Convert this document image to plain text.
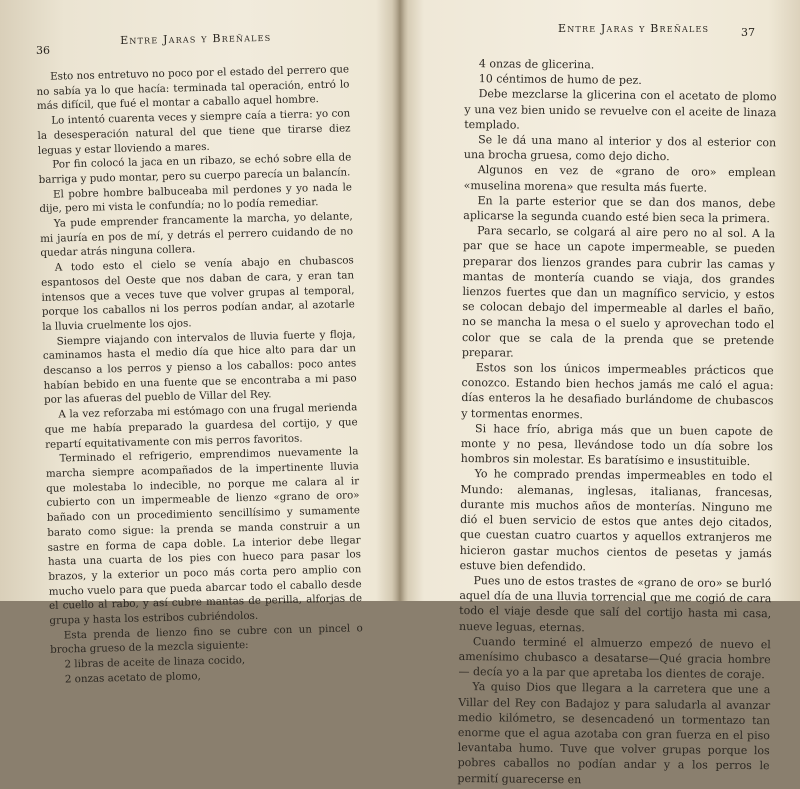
36
Entre Jaras y Breñales

Esto nos entretuvo no poco por el estado del perrero que no sabía ya lo que hacía: terminada tal operación, entró lo más difícil, que fué el montar a caballo aquel hombre.

Lo intentó cuarenta veces y siempre caía a tierra: yo con la desesperación natural del que tiene que tirarse diez leguas y estar lloviendo a mares.

Por fin colocó la jaca en un ribazo, se echó sobre ella de barriga y pudo montar, pero su cuerpo parecía un balancín.

El pobre hombre balbuceaba mil perdones y yo nada le dije, pero mi vista le confundía; no lo podía remediar.

Ya pude emprender francamente la marcha, yo delante, mi jauría en pos de mí, y detrás el perrero cuidando de no quedar atrás ninguna collera.

A todo esto el cielo se venía abajo en chubascos espantosos del Oeste que nos daban de cara, y eran tan intensos que a veces tuve que volver grupas al temporal, porque los caballos ni los perros podían andar, al azotarle la lluvia cruelmente los ojos.

Siempre viajando con intervalos de lluvia fuerte y floja, caminamos hasta el medio día que hice alto para dar un descanso a los perros y pienso a los caballos: poco antes habían bebido en una fuente que se encontraba a mi paso por las afueras del pueblo de Villar del Rey.

A la vez reforzaba mi estómago con una frugal merienda que me había preparado la guardesa del cortijo, y que repartí equitativamente con mis perros favoritos.

Terminado el refrigerio, emprendimos nuevamente la marcha siempre acompañados de la impertinente lluvia que molestaba lo indecible, no porque me calara al ir cubierto con un impermeable de lienzo «grano de oro» bañado con un procedimiento sencillísimo y sumamente barato como sigue: la prenda se manda construir a un sastre en forma de capa doble. La interior debe llegar hasta una cuarta de los pies con hueco para pasar los brazos, y la exterior un poco más corta pero amplio con mucho vuelo para que pueda abarcar todo el caballo desde el cuello al rabo, y así cubre mantas de perilla, alforjas de grupa y hasta los estribos cubriéndolos.

Esta prenda de lienzo fino se cubre con un pincel o brocha grueso de la mezcla siguiente:

2 libras de aceite de linaza cocido,

2 onzas acetato de plomo,

Entre Jaras y Breñales	37

4 onzas de glicerina.

10 céntimos de humo de pez.

Debe mezclarse la glicerina con el acetato de plomo y una vez bien unido se revuelve con el aceite de linaza templado.

Se le dá una mano al interior y dos al esterior con una brocha gruesa, como dejo dicho.

Algunos en vez de «grano de oro» emplean «muselina morena» que resulta más fuerte.

En la parte esterior que se dan dos manos, debe aplicarse la segunda cuando esté bien seca la primera.

Para secarlo, se colgará al aire pero no al sol. A la par que se hace un capote impermeable, se pueden preparar dos lienzos grandes para cubrir las camas y mantas de montería cuando se viaja, dos grandes lienzos fuertes que dan un magnífico servicio, y estos se colocan debajo del impermeable al darles el baño, no se mancha la mesa o el suelo y aprovechan todo el color que se cala de la prenda que se pretende preparar.

Estos son los únicos impermeables prácticos que conozco. Estando bien hechos jamás me caló el agua: días enteros la he desafiado burlándome de chubascos y tormentas enormes.

Si hace frío, abriga más que un buen capote de monte y no pesa, llevándose todo un día sobre los hombros sin molestar. Es baratísimo e insustituible.

Yo he comprado prendas impermeables en todo el Mundo: alemanas, inglesas, italianas, francesas, durante mis muchos años de monterías. Ninguno me dió el buen servicio de estos que antes dejo citados, que cuestan cuatro cuartos y aquellos extranjeros me hicieron gastar muchos cientos de pesetas y jamás estuve bien defendido.

Pues uno de estos trastes de «grano de oro» se burló aquel día de una lluvia torrencial que me cogió de cara todo el viaje desde que salí del cortijo hasta mi casa, nueve leguas, eternas.

Cuando terminé el almuerzo empezó de nuevo el amenísimo chubasco a desatarse—Qué gracia hombre— decía yo a la par que apretaba los dientes de coraje.

Ya quiso Dios que llegara a la carretera que une a Villar del Rey con Badajoz y para saludarla al avanzar medio kilómetro, se desencadenó un tormentazo tan enorme que el agua azotaba con gran fuerza en el piso levantaba humo. Tuve que volver grupas porque los pobres caballos no podían andar y a los perros le permití guarecerse en
